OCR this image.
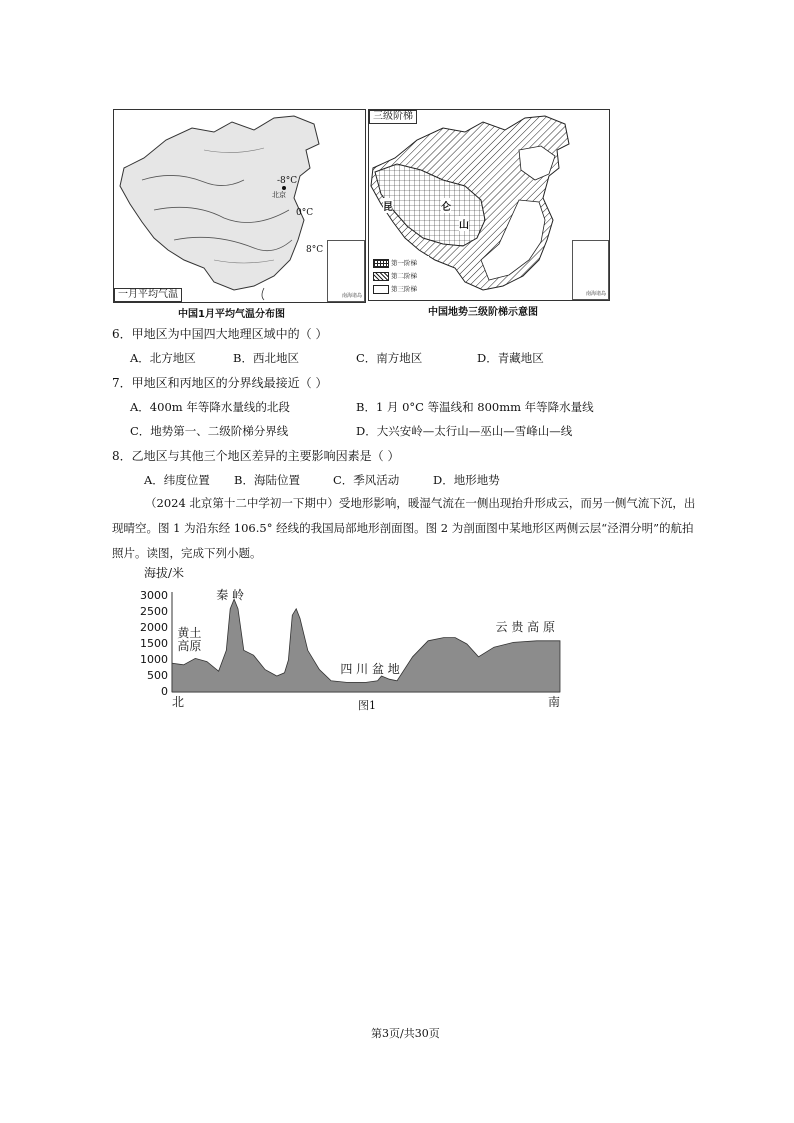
-8°C
北京
0°C
8°C
一月平均气温	南海诸岛
中国1月平均气温分布图
昆	仑
山
三级阶梯
第一阶梯
第二阶梯
第三阶梯
南海诸岛
中国地势三级阶梯示意图
6．甲地区为中国四大地理区域中的（ ）
A．北方地区	B．西北地区	C．南方地区	D．青藏地区
7．甲地区和丙地区的分界线最接近（ ）
A．400m 年等降水量线的北段	B．1 月 0°C 等温线和 800mm 年等降水量线
C．地势第一、二级阶梯分界线	D．大兴安岭—太行山—巫山—雪峰山—线
8．乙地区与其他三个地区差异的主要影响因素是（ ）
A．纬度位置 B．海陆位置	C．季风活动	D．地形地势
（2024 北京第十二中学初一下期中）受地形影响，暖湿气流在一侧出现抬升形成云，而另一侧气流下沉，出现晴空。图 1 为沿东经 106.5° 经线的我国局部地形剖面图。图 2 为剖面图中某地形区两侧云层“泾渭分明”的航拍照片。读图，完成下列小题。
海拔/米
0
500
1000
1500
2000
2500
3000	秦 岭
黄土
高原
四 川 盆 地
云 贵 高 原
北	南
图1
第3页/共30页
